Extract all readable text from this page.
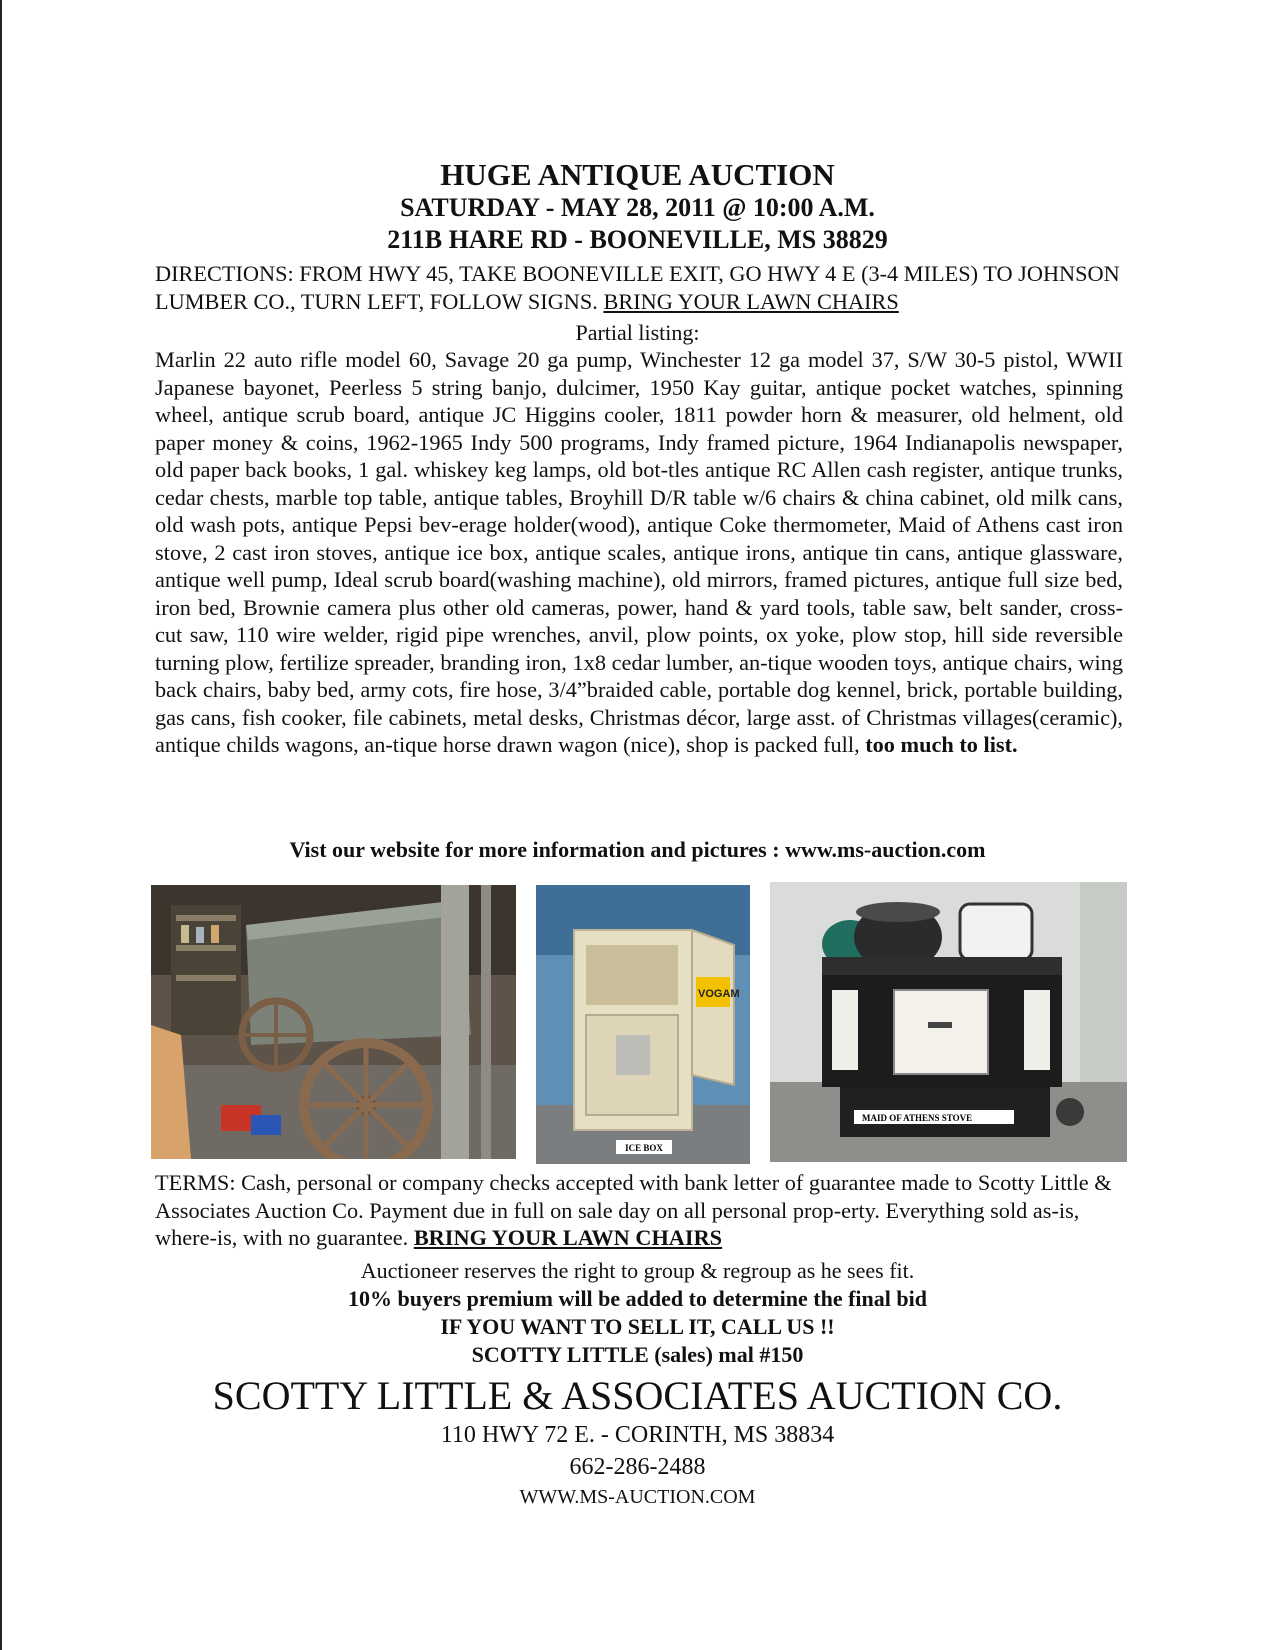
HUGE ANTIQUE AUCTION
SATURDAY - MAY 28, 2011 @ 10:00 A.M.
211B HARE RD - BOONEVILLE, MS 38829
DIRECTIONS: FROM HWY 45, TAKE BOONEVILLE EXIT, GO HWY 4 E (3-4 MILES) TO JOHNSON LUMBER CO., TURN LEFT, FOLLOW SIGNS. BRING YOUR LAWN CHAIRS
Partial listing:
Marlin 22 auto rifle model 60, Savage 20 ga pump, Winchester 12 ga model 37, S/W 30-5 pistol, WWII Japanese bayonet, Peerless 5 string banjo, dulcimer, 1950 Kay guitar, antique pocket watches, spinning wheel, antique scrub board, antique JC Higgins cooler, 1811 powder horn & measurer, old helment, old paper money & coins, 1962-1965 Indy 500 programs, Indy framed picture, 1964 Indianapolis newspaper, old paper back books, 1 gal. whiskey keg lamps, old bot-tles antique RC Allen cash register, antique trunks, cedar chests, marble top table, antique tables, Broyhill D/R table w/6 chairs & china cabinet, old milk cans, old wash pots, antique Pepsi bev-erage holder(wood), antique Coke thermometer, Maid of Athens cast iron stove, 2 cast iron stoves, antique ice box, antique scales, antique irons, antique tin cans, antique glassware, antique well pump, Ideal scrub board(washing machine), old mirrors, framed pictures, antique full size bed, iron bed, Brownie camera plus other old cameras, power, hand & yard tools, table saw, belt sander, cross-cut saw, 110 wire welder, rigid pipe wrenches, anvil, plow points, ox yoke, plow stop, hill side reversible turning plow, fertilize spreader, branding iron, 1x8 cedar lumber, an-tique wooden toys, antique chairs, wing back chairs, baby bed, army cots, fire hose, 3/4”braided cable, portable dog kennel, brick, portable building, gas cans, fish cooker, file cabinets, metal desks, Christmas décor, large asst. of Christmas villages(ceramic), antique childs wagons, an-tique horse drawn wagon (nice), shop is packed full, too much to list.
Vist our website for more information and pictures : www.ms-auction.com
VOGAM
ICE BOX
MAID OF ATHENS STOVE
TERMS: Cash, personal or company checks accepted with bank letter of guarantee made to Scotty Little & Associates Auction Co. Payment due in full on sale day on all personal prop-erty. Everything sold as-is, where-is, with no guarantee. BRING YOUR LAWN CHAIRS
Auctioneer reserves the right to group & regroup as he sees fit.
10% buyers premium will be added to determine the final bid
IF YOU WANT TO SELL IT, CALL US !!
SCOTTY LITTLE (sales) mal #150
SCOTTY LITTLE & ASSOCIATES AUCTION CO.
110 HWY 72 E. - CORINTH, MS 38834
662-286-2488
WWW.MS-AUCTION.COM
